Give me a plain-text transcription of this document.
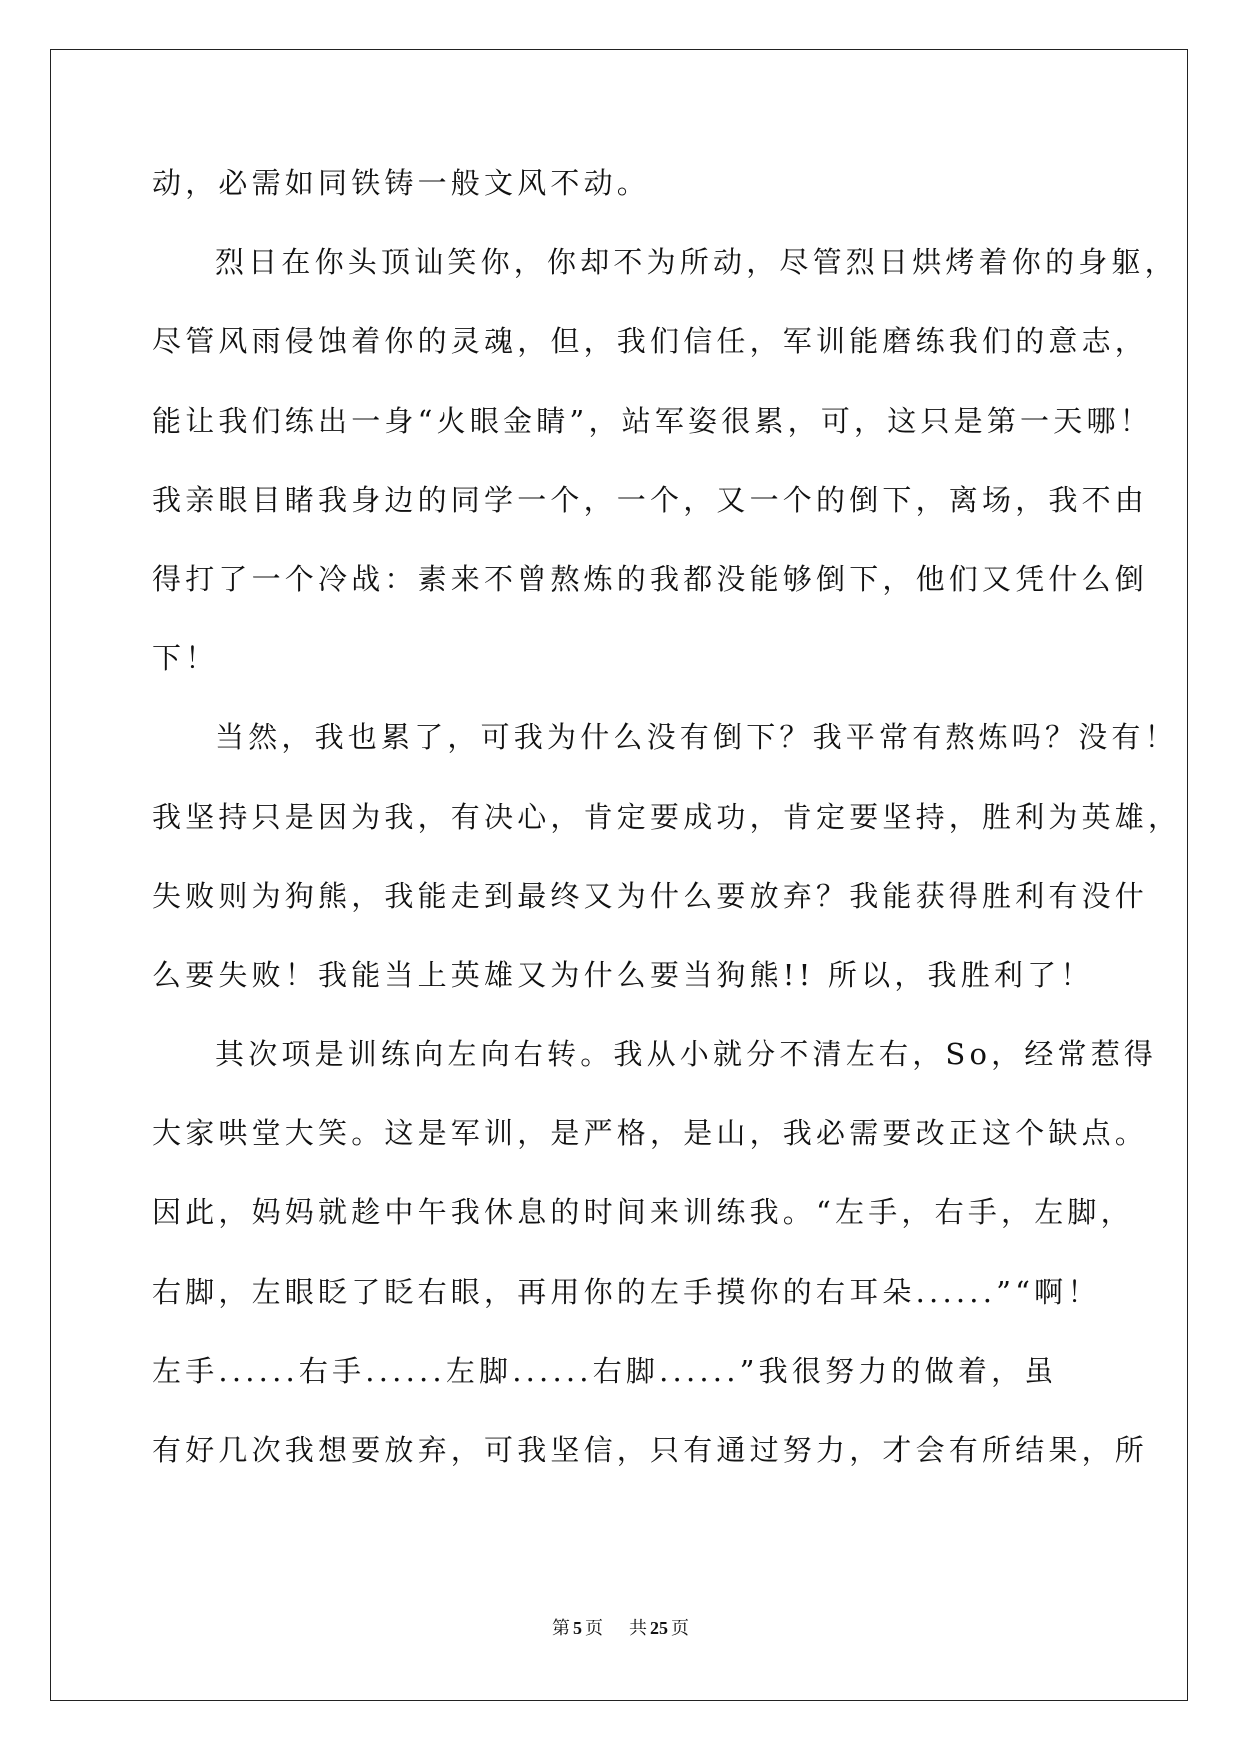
动，必需如同铁铸一般文风不动。
烈日在你头顶讪笑你，你却不为所动，尽管烈日烘烤着你的身躯，
尽管风雨侵蚀着你的灵魂，但，我们信任，军训能磨练我们的意志，
能让我们练出一身“火眼金睛”，站军姿很累，可，这只是第一天哪！
我亲眼目睹我身边的同学一个，一个，又一个的倒下，离场，我不由
得打了一个冷战：素来不曾熬炼的我都没能够倒下，他们又凭什么倒
下！
当然，我也累了，可我为什么没有倒下？我平常有熬炼吗？没有！
我坚持只是因为我，有决心，肯定要成功，肯定要坚持，胜利为英雄，
失败则为狗熊，我能走到最终又为什么要放弃？我能获得胜利有没什
么要失败！我能当上英雄又为什么要当狗熊!! 所以，我胜利了！
其次项是训练向左向右转。我从小就分不清左右，So，经常惹得
大家哄堂大笑。这是军训，是严格，是山，我必需要改正这个缺点。
因此，妈妈就趁中午我休息的时间来训练我。“左手，右手，左脚，
右脚，左眼眨了眨右眼，再用你的左手摸你的右耳朵......”“啊！
左手......右手......左脚......右脚......”我很努力的做着，虽
有好几次我想要放弃，可我坚信，只有通过努力，才会有所结果，所
第 5 页 共 25 页
